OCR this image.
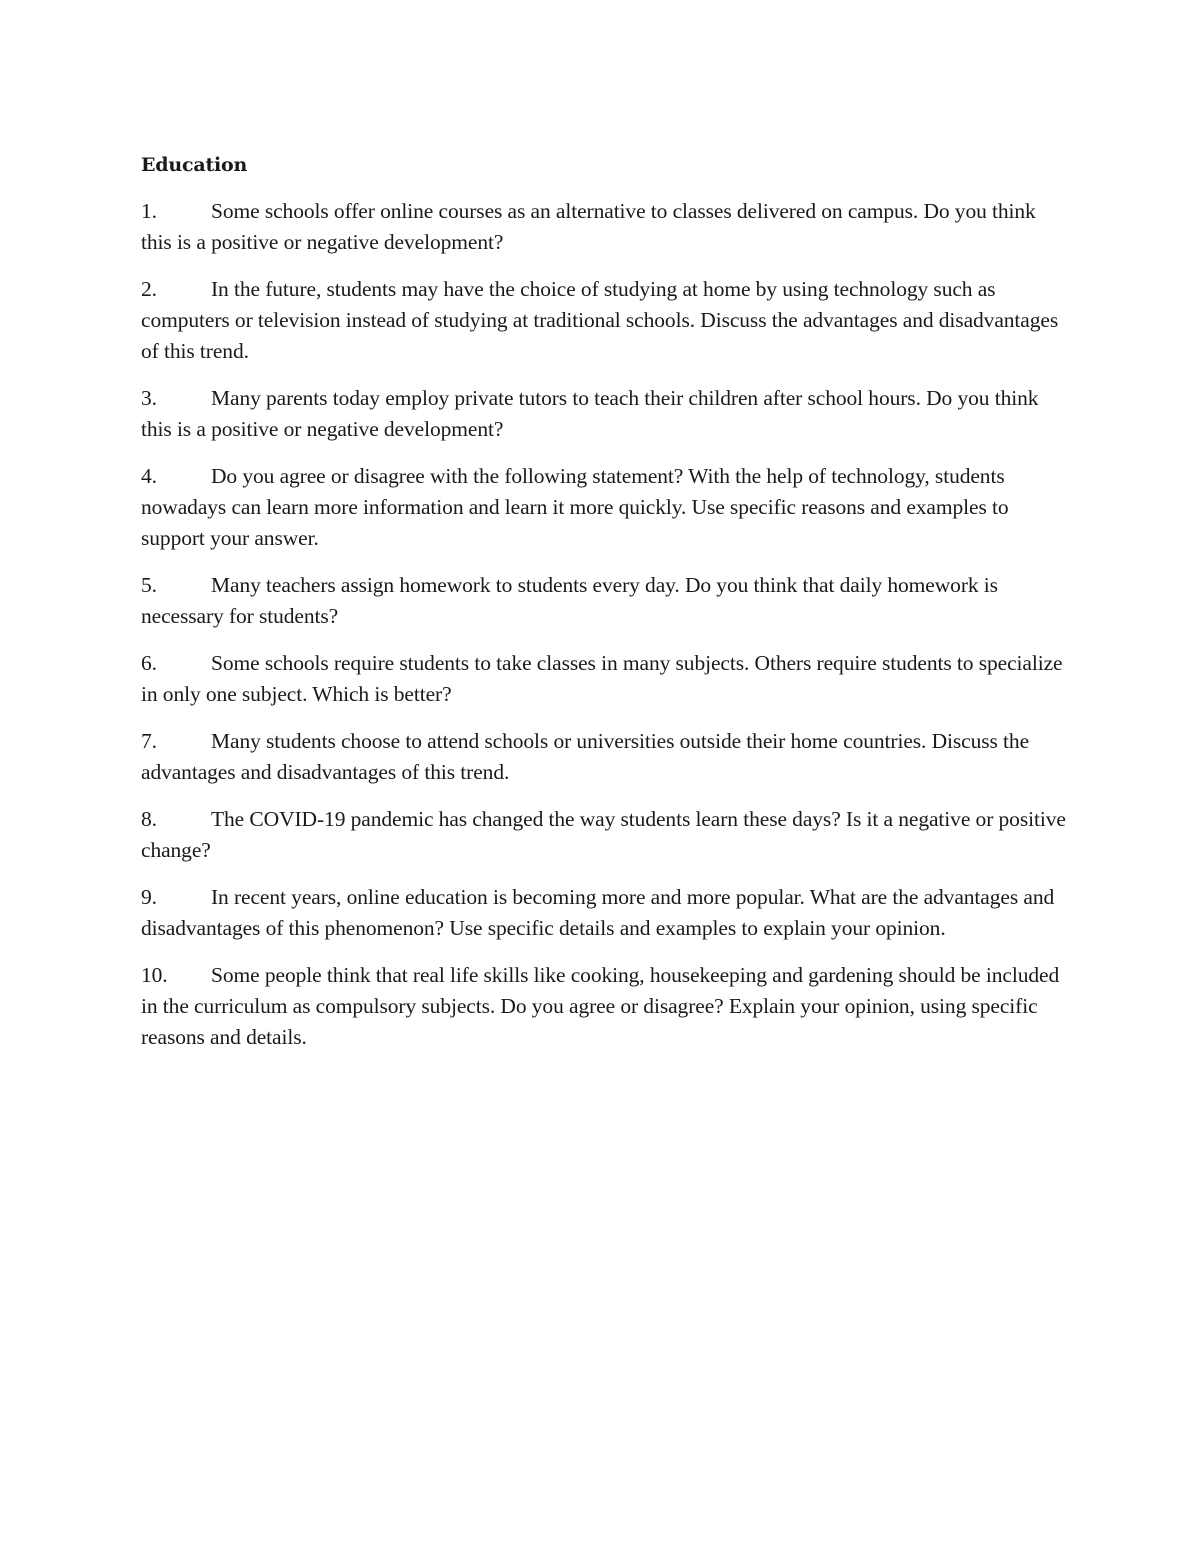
Education
1.	Some schools offer online courses as an alternative to classes delivered on campus. Do you think this is a positive or negative development?
2.	In the future, students may have the choice of studying at home by using technology such as computers or television instead of studying at traditional schools. Discuss the advantages and disadvantages of this trend.
3.	Many parents today employ private tutors to teach their children after school hours. Do you think this is a positive or negative development?
4.	Do you agree or disagree with the following statement? With the help of technology, students nowadays can learn more information and learn it more quickly. Use specific reasons and examples to support your answer.
5.	Many teachers assign homework to students every day. Do you think that daily homework is necessary for students?
6.	Some schools require students to take classes in many subjects. Others require students to specialize in only one subject. Which is better?
7.	Many students choose to attend schools or universities outside their home countries. Discuss the advantages and disadvantages of this trend.
8.	The COVID-19 pandemic has changed the way students learn these days? Is it a negative or positive change?
9.	In recent years, online education is becoming more and more popular. What are the advantages and disadvantages of this phenomenon? Use specific details and examples to explain your opinion.
10. Some people think that real life skills like cooking, housekeeping and gardening should be included in the curriculum as compulsory subjects. Do you agree or disagree? Explain your opinion, using specific reasons and details.
